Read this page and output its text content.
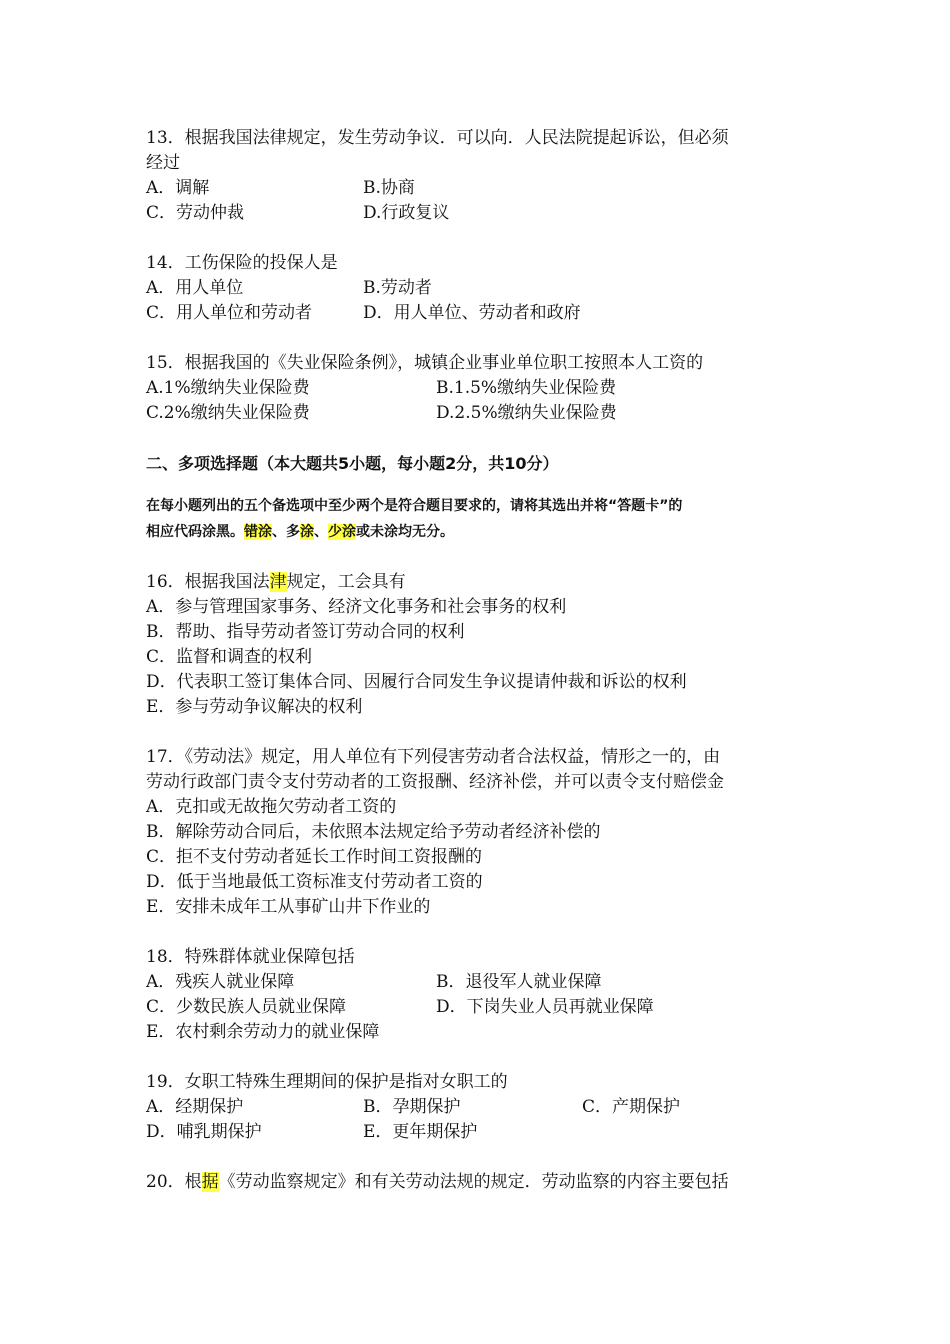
13．根据我国法律规定，发生劳动争议．可以向．人民法院提起诉讼，但必须
经过
A．调解	B.协商
C．劳动仲裁	D.行政复议
14．工伤保险的投保人是
A．用人单位	B.劳动者
C．用人单位和劳动者	D．用人单位、劳动者和政府
15．根据我国的《失业保险条例》，城镇企业事业单位职工按照本人工资的
A.1%缴纳失业保险费	B.1.5%缴纳失业保险费
C.2%缴纳失业保险费	D.2.5%缴纳失业保险费
二、多项选择题（本大题共5小题，每小题2分，共10分）
在每小题列出的五个备选项中至少两个是符合题目要求的，请将其选出并将“答题卡”的
相应代码涂黑。错涂、多涂、少涂或未涂均无分。
16．根据我国法津规定，工会具有
A．参与管理国家事务、经济文化事务和社会事务的权利
B．帮助、指导劳动者签订劳动合同的权利
C．监督和调查的权利
D．代表职工签订集体合同、因履行合同发生争议提请仲裁和诉讼的权利
E．参与劳动争议解决的权利
17．《劳动法》规定，用人单位有下列侵害劳动者合法权益，情形之一的，由
劳动行政部门责令支付劳动者的工资报酬、经济补偿，并可以责令支付赔偿金
A．克扣或无故拖欠劳动者工资的
B．解除劳动合同后，未依照本法规定给予劳动者经济补偿的
C．拒不支付劳动者延长工作时间工资报酬的
D．低于当地最低工资标准支付劳动者工资的
E．安排未成年工从事矿山井下作业的
18．特殊群体就业保障包括
A．残疾人就业保障	B．退役军人就业保障
C．少数民族人员就业保障	D．下岗失业人员再就业保障
E．农村剩余劳动力的就业保障
19．女职工特殊生理期间的保护是指对女职工的
A．经期保护	B．孕期保护	C．产期保护
D．哺乳期保护	E．更年期保护
20．根据《劳动监察规定》和有关劳动法规的规定．劳动监察的内容主要包括
